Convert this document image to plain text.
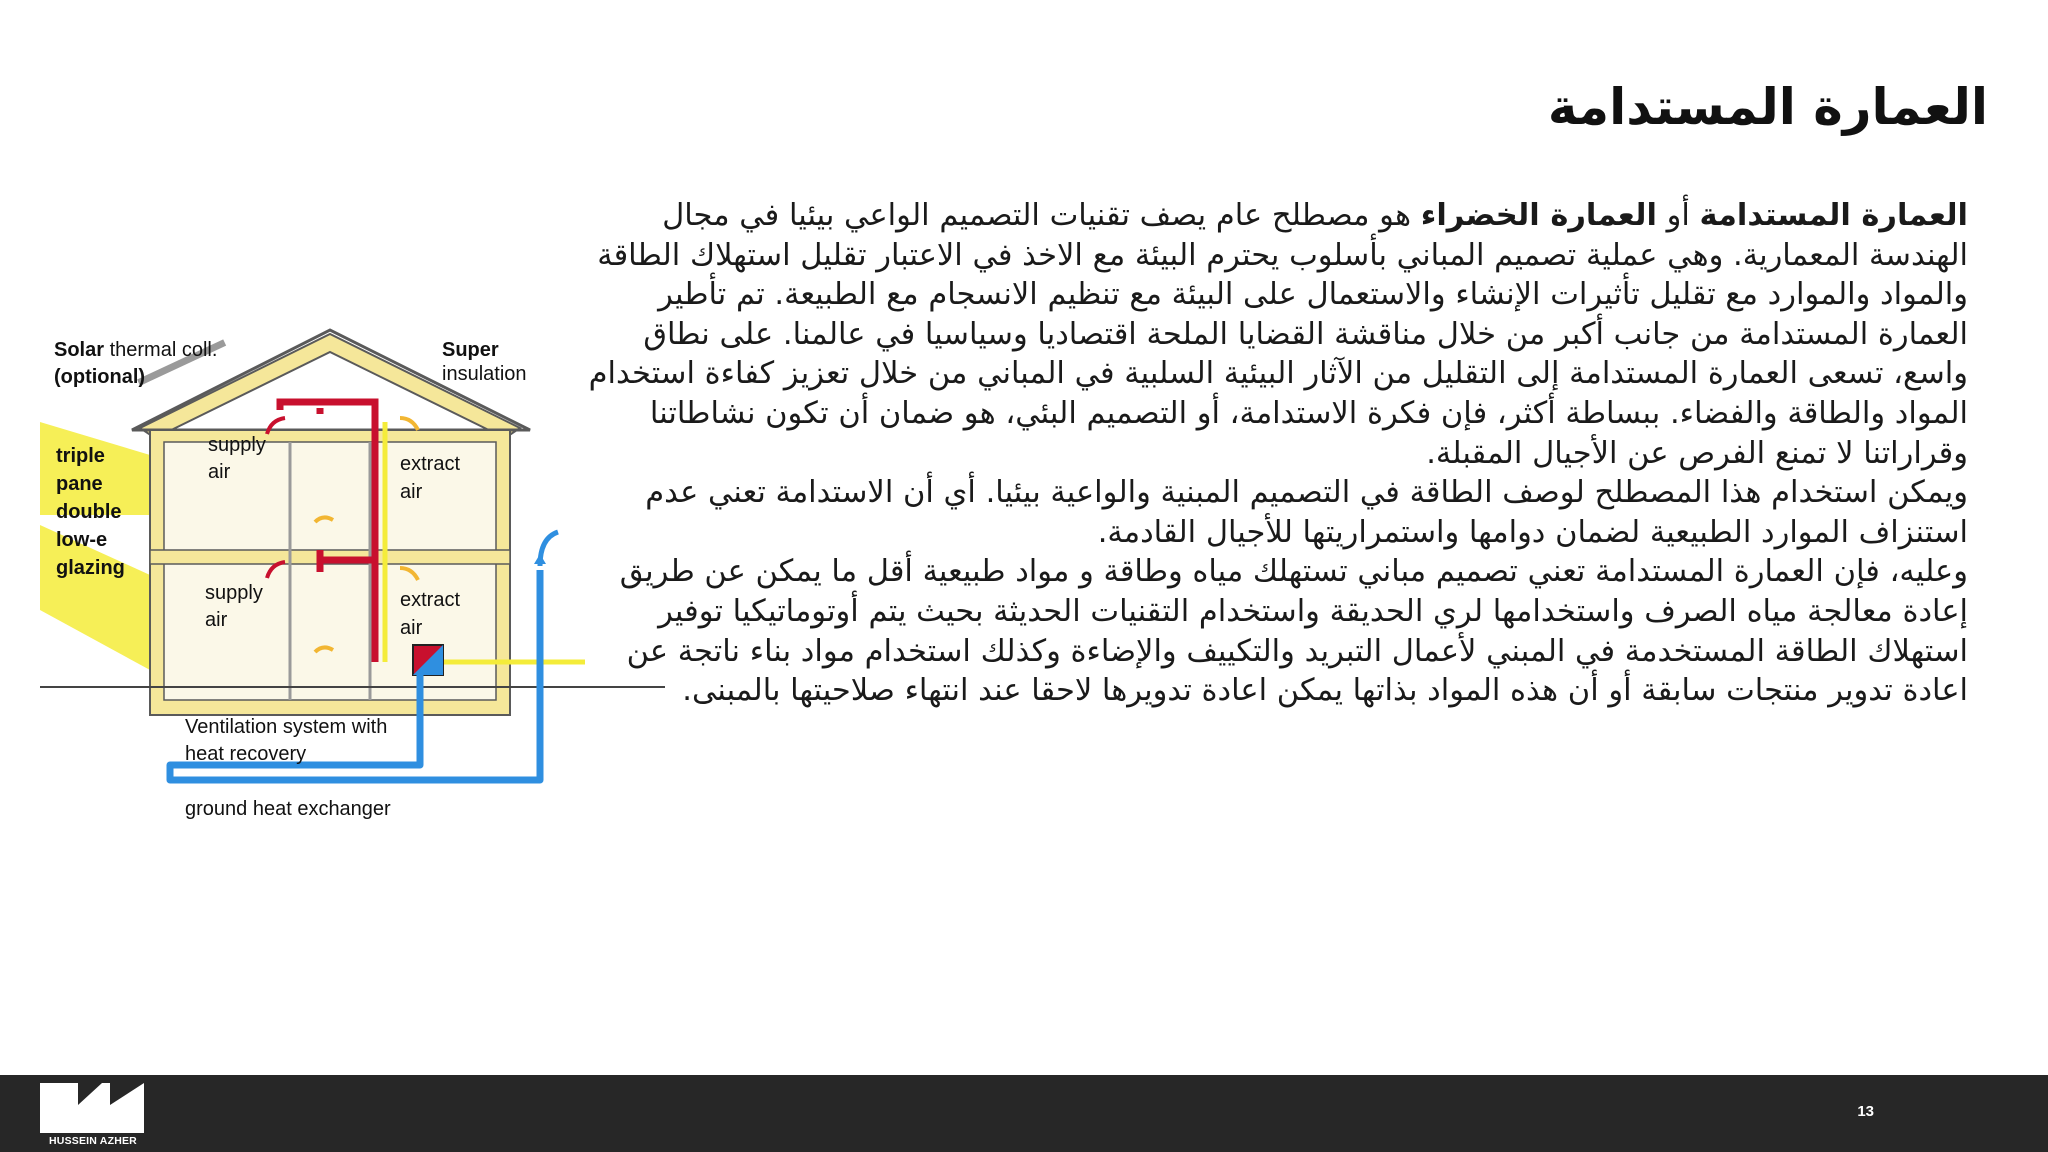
العمارة المستدامة

العمارة المستدامة أو العمارة الخضراء هو مصطلح عام يصف تقنيات التصميم الواعي بيئيا في مجال الهندسة المعمارية. وهي عملية تصميم المباني بأسلوب يحترم البيئة مع الاخذ في الاعتبار تقليل استهلاك الطاقة والمواد والموارد مع تقليل تأثيرات الإنشاء والاستعمال على البيئة مع تنظيم الانسجام مع الطبيعة. تم تأطير العمارة المستدامة من جانب أكبر من خلال مناقشة القضايا الملحة اقتصاديا وسياسيا في عالمنا. على نطاق واسع، تسعى العمارة المستدامة إلى التقليل من الآثار البيئية السلبية في المباني من خلال تعزيز كفاءة استخدام المواد والطاقة والفضاء. ببساطة أكثر، فإن فكرة الاستدامة، أو التصميم البئي، هو ضمان أن تكون نشاطاتنا وقراراتنا لا تمنع الفرص عن الأجيال المقبلة.

ويمكن استخدام هذا المصطلح لوصف الطاقة في التصميم المبنية والواعية بيئيا. أي أن الاستدامة تعني عدم استنزاف الموارد الطبيعية لضمان دوامها واستمراريتها للأجيال القادمة.

وعليه، فإن العمارة المستدامة تعني تصميم مباني تستهلك مياه وطاقة و مواد طبيعية أقل ما يمكن عن طريق إعادة معالجة مياه الصرف واستخدامها لري الحديقة واستخدام التقنيات الحديثة بحيث يتم أوتوماتيكيا توفير استهلاك الطاقة المستخدمة في المبني لأعمال التبريد والتكييف والإضاءة وكذلك استخدام مواد بناء ناتجة عن اعادة تدوير منتجات سابقة أو أن هذه المواد بذاتها يمكن اعادة تدويرها لاحقا عند انتهاء صلاحيتها بالمبنى.

Solar thermal coll.
(optional)
Super
insulation
triple
pane
double
low-e
glazing
supply
air	extract
air
supply
air
extract
air
Ventilation system with
heat recovery
ground heat exchanger
HUSSEIN AZHER
13
